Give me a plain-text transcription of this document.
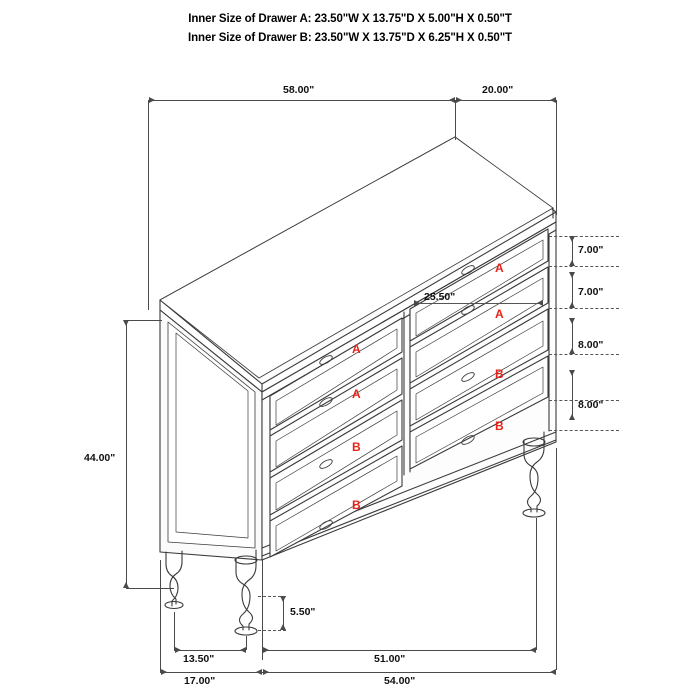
Inner Size of Drawer A: 23.50"W X 13.75"D X 5.00"H X 0.50"T
Inner Size of Drawer B: 23.50"W X 13.75"D X 6.25"H X 0.50"T
58.00"	20.00"
44.00"
7.00"
7.00"
8.00"
8.00"
25.50"
5.50"
13.50"	51.00"
17.00"	54.00"
A
A
B
B
A
A
B
B
